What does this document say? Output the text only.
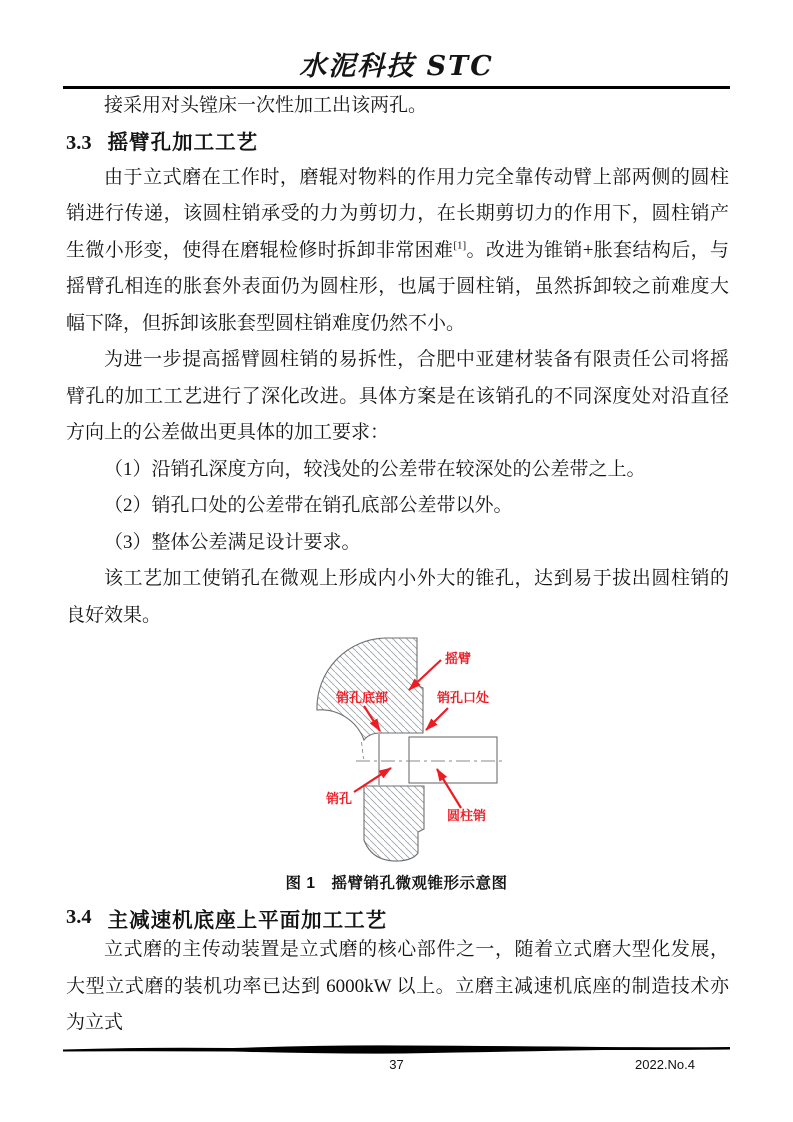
水泥科技 STC

接采用对头镗床一次性加工出该两孔。

3.3 摇臂孔加工工艺

由于立式磨在工作时，磨辊对物料的作用力完全靠传动臂上部两侧的圆柱销进行传递，该圆柱销承受的力为剪切力，在长期剪切力的作用下，圆柱销产生微小形变，使得在磨辊检修时拆卸非常困难[1]。改进为锥销+胀套结构后，与摇臂孔相连的胀套外表面仍为圆柱形，也属于圆柱销，虽然拆卸较之前难度大幅下降，但拆卸该胀套型圆柱销难度仍然不小。

为进一步提高摇臂圆柱销的易拆性，合肥中亚建材装备有限责任公司将摇臂孔的加工工艺进行了深化改进。具体方案是在该销孔的不同深度处对沿直径方向上的公差做出更具体的加工要求：

（1）沿销孔深度方向，较浅处的公差带在较深处的公差带之上。

（2）销孔口处的公差带在销孔底部公差带以外。

（3）整体公差满足设计要求。

该工艺加工使销孔在微观上形成内小外大的锥孔，达到易于拔出圆柱销的良好效果。

摇臂
销孔底部	销孔口处
销孔
圆柱销
图 1　摇臂销孔微观锥形示意图
3.4 主减速机底座上平面加工工艺

立式磨的主传动装置是立式磨的核心部件之一，随着立式磨大型化发展，大型立式磨的装机功率已达到 6000kW 以上。立磨主减速机底座的制造技术亦为立式

37	2022.No.4
